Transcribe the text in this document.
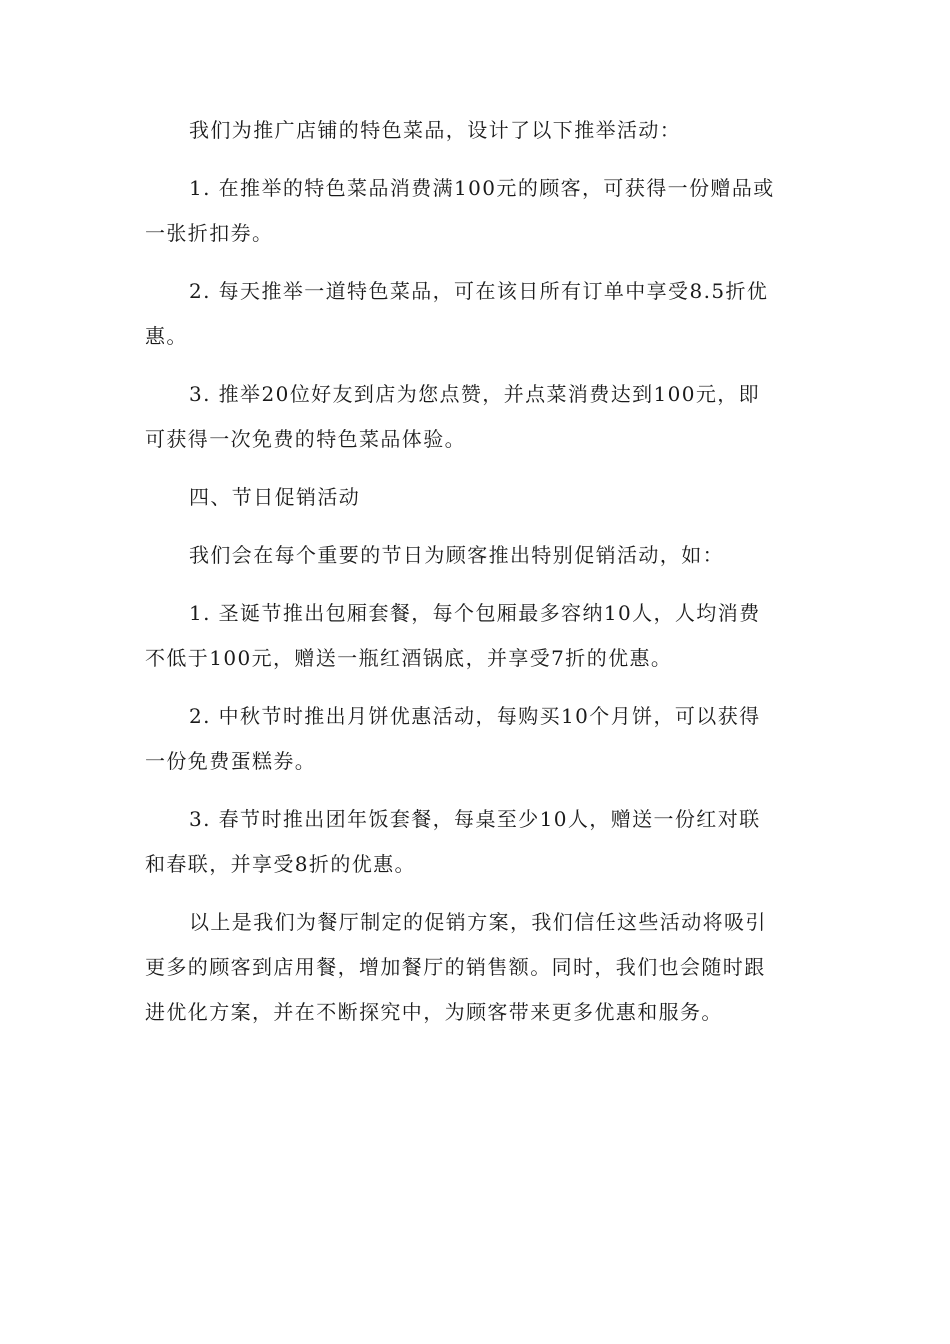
我们为推广店铺的特色菜品，设计了以下推举活动：

1. 在推举的特色菜品消费满100元的顾客，可获得一份赠品或
一张折扣券。

2. 每天推举一道特色菜品，可在该日所有订单中享受8.5折优
惠。

3. 推举20位好友到店为您点赞，并点菜消费达到100元，即
可获得一次免费的特色菜品体验。

四、节日促销活动

我们会在每个重要的节日为顾客推出特别促销活动，如：

1. 圣诞节推出包厢套餐，每个包厢最多容纳10人，人均消费
不低于100元，赠送一瓶红酒锅底，并享受7折的优惠。

2. 中秋节时推出月饼优惠活动，每购买10个月饼，可以获得
一份免费蛋糕券。

3. 春节时推出团年饭套餐，每桌至少10人，赠送一份红对联
和春联，并享受8折的优惠。

以上是我们为餐厅制定的促销方案，我们信任这些活动将吸引
更多的顾客到店用餐，增加餐厅的销售额。同时，我们也会随时跟
进优化方案，并在不断探究中，为顾客带来更多优惠和服务。
